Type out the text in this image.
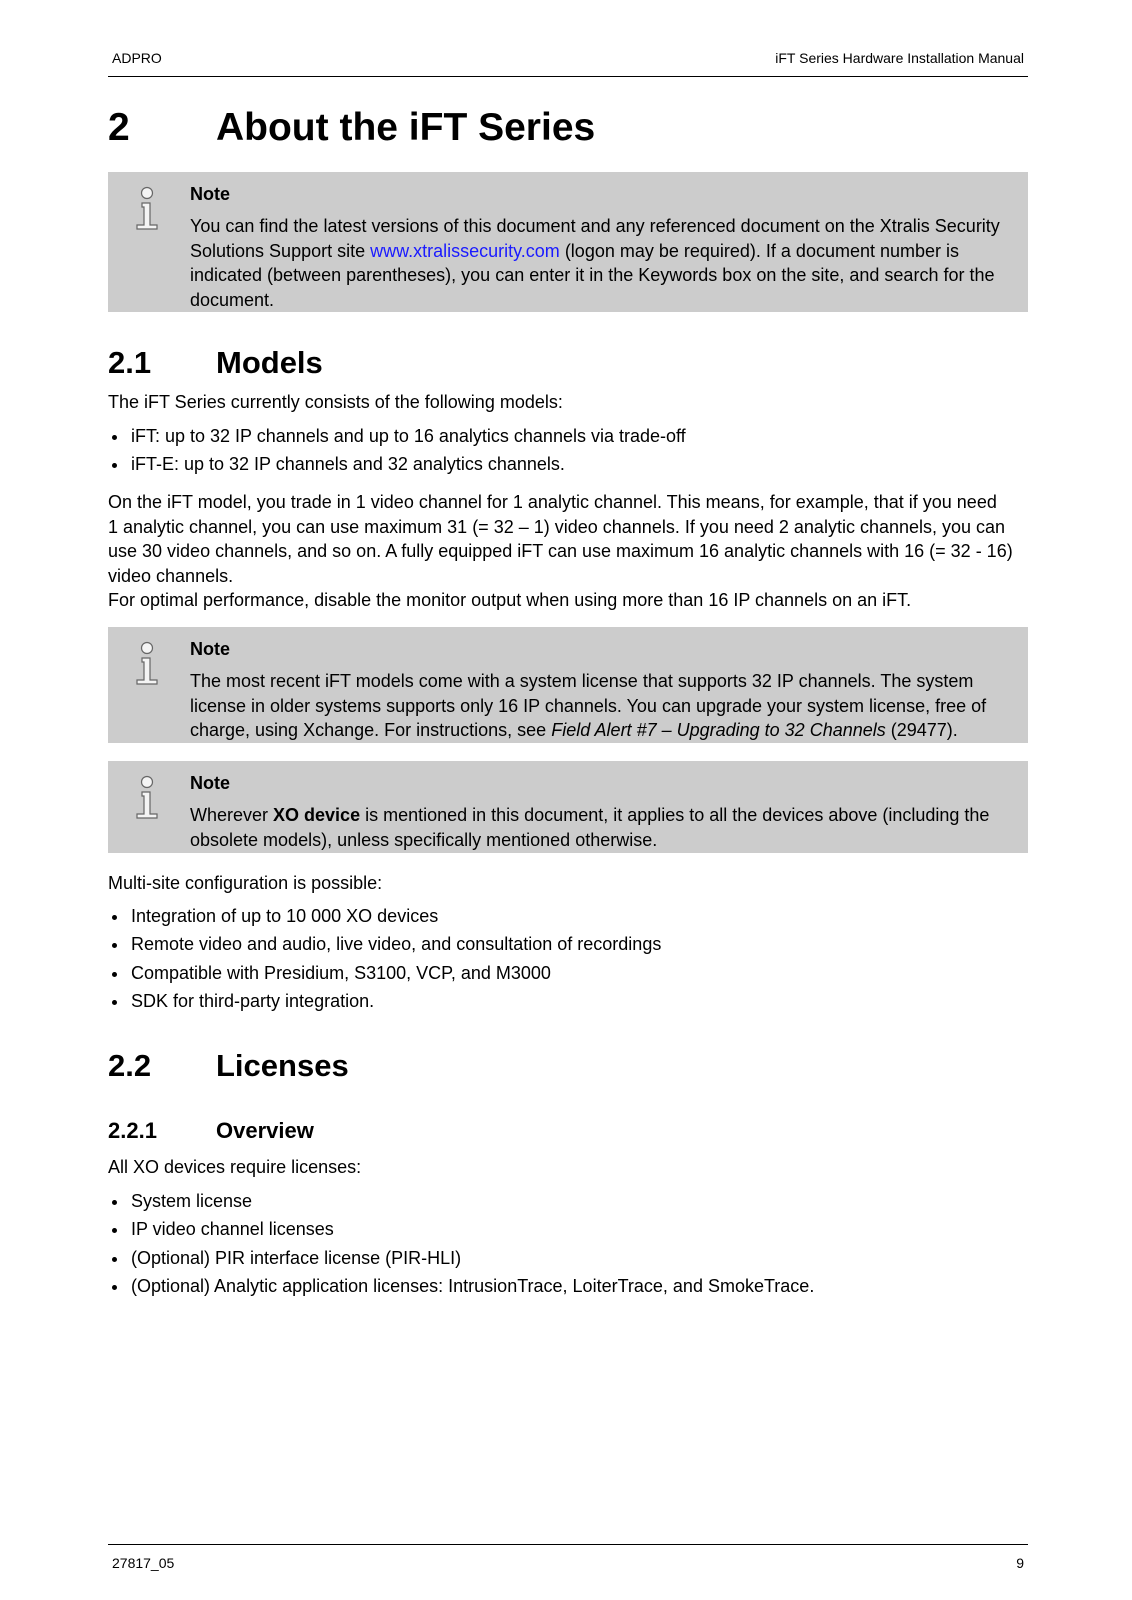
ADPRO	iFT Series Hardware Installation Manual
2 About the iFT Series
Note
You can find the latest versions of this document and any referenced document on the Xtralis Security
Solutions Support site www.xtralissecurity.com (logon may be required). If a document number is
indicated (between parentheses), you can enter it in the Keywords box on the site, and search for the
document.
2.1 Models
The iFT Series currently consists of the following models:
iFT: up to 32 IP channels and up to 16 analytics channels via trade-off
iFT-E: up to 32 IP channels and 32 analytics channels.
On the iFT model, you trade in 1 video channel for 1 analytic channel. This means, for example, that if you need
1 analytic channel, you can use maximum 31 (= 32 – 1) video channels. If you need 2 analytic channels, you can
use 30 video channels, and so on. A fully equipped iFT can use maximum 16 analytic channels with 16 (= 32 - 16)
video channels.
For optimal performance, disable the monitor output when using more than 16 IP channels on an iFT.
Note
The most recent iFT models come with a system license that supports 32 IP channels. The system
license in older systems supports only 16 IP channels. You can upgrade your system license, free of
charge, using Xchange. For instructions, see Field Alert #7 – Upgrading to 32 Channels (29477).
Note
Wherever XO device is mentioned in this document, it applies to all the devices above (including the
obsolete models), unless specifically mentioned otherwise.
Multi-site configuration is possible:
Integration of up to 10 000 XO devices
Remote video and audio, live video, and consultation of recordings
Compatible with Presidium, S3100, VCP, and M3000
SDK for third-party integration.
2.2 Licenses
2.2.1	Overview
All XO devices require licenses:
System license
IP video channel licenses
(Optional) PIR interface license (PIR-HLI)
(Optional) Analytic application licenses: IntrusionTrace, LoiterTrace, and SmokeTrace.
27817_05	9
